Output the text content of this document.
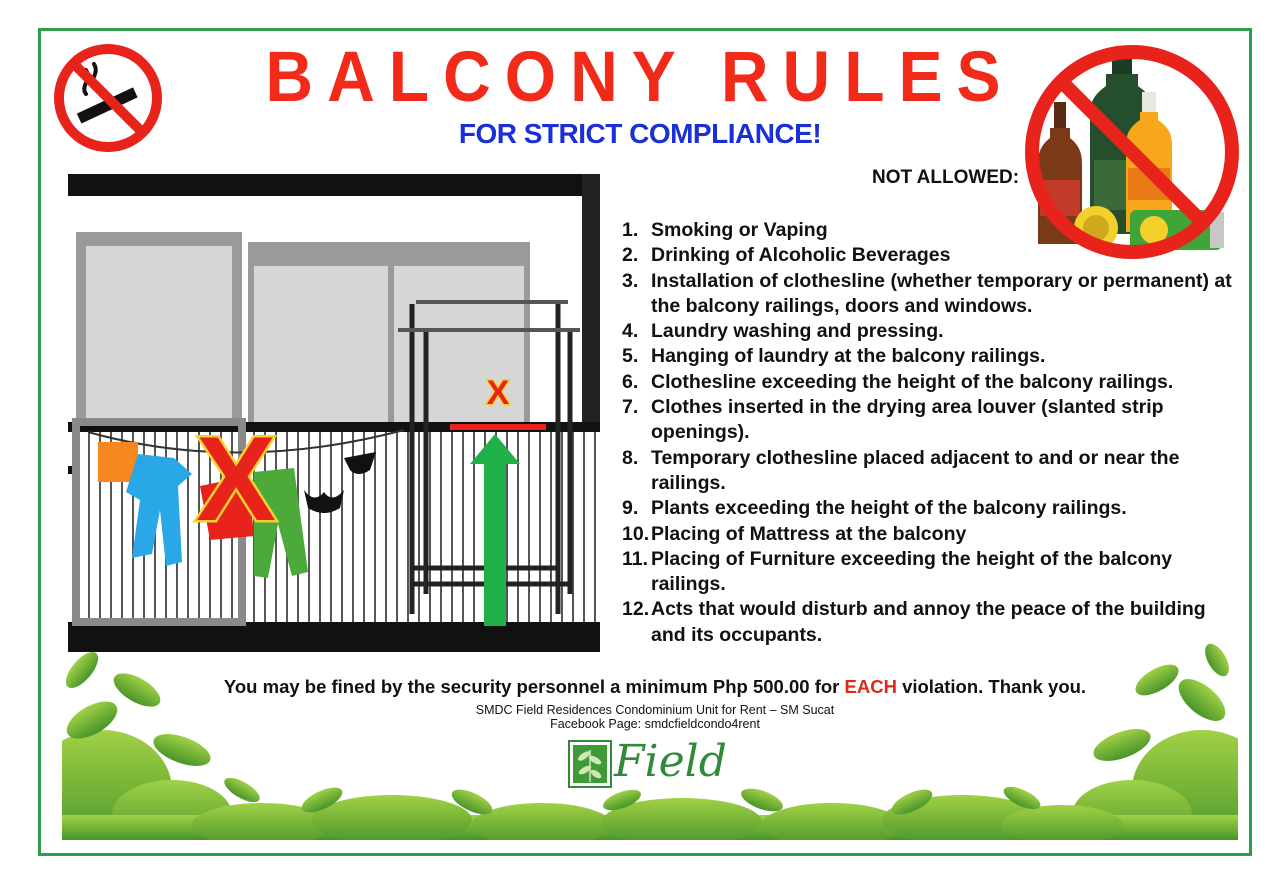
BALCONY RULES
FOR STRICT COMPLIANCE!
NOT ALLOWED:
X
X
1. Smoking or Vaping
2. Drinking of Alcoholic Beverages
3. Installation of clothesline (whether temporary or permanent) at the balcony railings, doors and windows.
4. Laundry washing and pressing.
5. Hanging of laundry at the balcony railings.
6. Clothesline exceeding the height of the balcony railings.
7. Clothes inserted in the drying area louver (slanted strip openings).
8. Temporary clothesline placed adjacent to and or near the railings.
9. Plants exceeding the height of the balcony railings.
10. Placing of Mattress at the balcony
11. Placing of Furniture exceeding the height of the balcony railings.
12. Acts that would disturb and annoy the peace of the building and its occupants.
You may be fined by the security personnel a minimum Php 500.00 for EACH violation. Thank you.
SMDC Field Residences Condominium Unit for Rent – SM Sucat
Facebook Page: smdcfieldcondo4rent
Field
